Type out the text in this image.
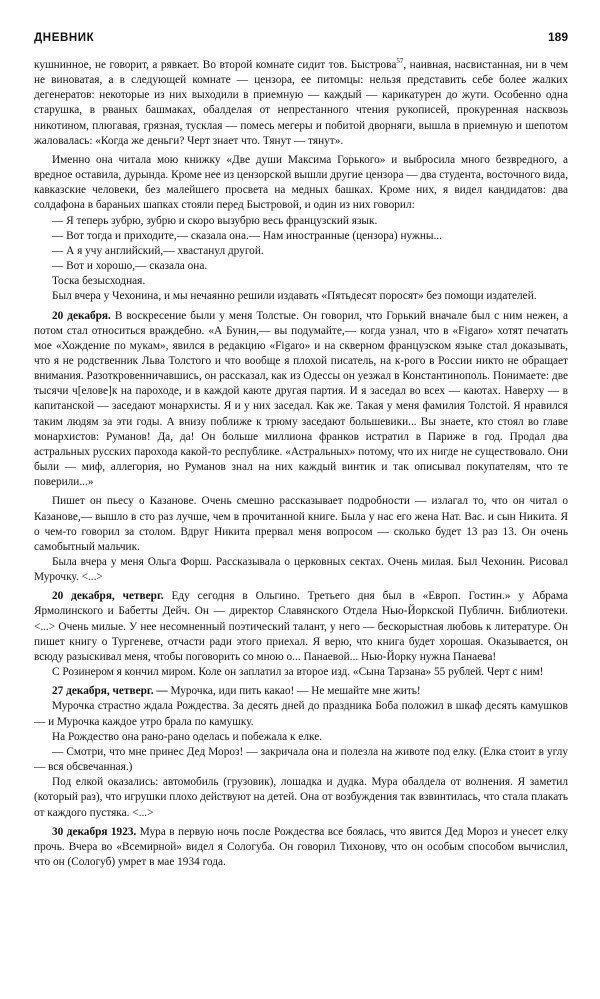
ДНЕВНИК	189

кушнинное, не говорит, а рявкает. Во второй комнате сидит тов. Быстрова$^{57}$, наивная, насвистанная, ни в чем не виноватая, а в следующей комнате — цензора, ее питомцы: нельзя представить себе более жалких дегенератов: некоторые из них выходили в приемную — каждый — карикатурен до жути. Особенно одна старушка, в рваных башмаках, обалделая от непрестанного чтения рукописей, прокуренная насквозь никотином, плюгавая, грязная, тусклая — помесь мегеры и побитой дворняги, вышла в приемную и шепотом жаловалась: «Когда же деньги? Черт знает что. Тянут — тянут».

Именно она читала мою книжку «Две души Максима Горького» и выбросила много безвредного, а вредное оставила, дурында. Кроме нее из цензорской вышли другие цензора — два студента, восточного вида, кавказские человеки, без малейшего просвета на медных башках. Кроме них, я видел кандидатов: два солдафона в бараньих шапках стояли перед Быстровой, и один из них говорил:

— Я теперь зубрю, зубрю и скоро вызубрю весь французский язык.

— Вот тогда и приходите,— сказала она.— Нам иностранные (цензора) нужны...

— А я учу английский,— хвастанул другой.

— Вот и хорошо,— сказала она.

Тоска безысходная.

Был вчера у Чехонина, и мы нечаянно решили издавать «Пятьдесят поросят» без помощи издателей.

20 декабря. В воскресение были у меня Толстые. Он говорил, что Горький вначале был с ним нежен, а потом стал относиться враждебно. «А Бунин,— вы подумайте,— когда узнал, что в «Figaro» хотят печатать мое «Хождение по мукам», явился в редакцию «Figaro» и на скверном французском языке стал доказывать, что я не родственник Льва Толстого и что вообще я плохой писатель, на к-рого в России никто не обращает внимания. Разоткровенничавшись, он рассказал, как из Одессы он уезжал в Константинополь. Понимаете: две тысячи ч[елове]к на пароходе, и в каждой каюте другая партия. И я заседал во всех — каютах. Наверху — в капитанской — заседают монархисты. Я и у них заседал. Как же. Такая у меня фамилия Толстой. Я нравился таким людям за эти годы. А внизу поближе к трюму заседают большевики... Вы знаете, кто стоял во главе монархистов: Руманов! Да, да! Он больше миллиона франков истратил в Париже в год. Продал два астральных русских парохода какой-то республике. «Астральных» потому, что их нигде не существовало. Они были — миф, аллегория, но Руманов знал на них каждый винтик и так описывал покупателям, что те поверили...»

Пишет он пьесу о Казанове. Очень смешно рассказывает подробности — излагал то, что он читал о Казанове,— вышло в сто раз лучше, чем в прочитанной книге. Была у нас его жена Нат. Вас. и сын Никита. Я о чем-то говорил за столом. Вдруг Никита прервал меня вопросом — сколько будет 13 раз 13. Он очень самобытный мальчик.

Была вчера у меня Ольга Форш. Рассказывала о церковных сектах. Очень милая. Был Чехонин. Рисовал Мурочку. <...>

20 декабря, четверг. Еду сегодня в Ольгино. Третьего дня был в «Европ. Гостин.» у Абрама Ярмолинского и Бабетты Дейч. Он — директор Славянского Отдела Нью-Йоркской Публичн. Библиотеки. <...> Очень милые. У нее несомненный поэтический талант, у него — бескорыстная любовь к литературе. Он пишет книгу о Тургеневе, отчасти ради этого приехал. Я верю, что книга будет хорошая. Оказывается, он всюду разыскивал меня, чтобы поговорить со мною о... Панаевой... Нью-Йорку нужна Панаева!

С Розинером я кончил миром. Коле он заплатил за второе изд. «Сына Тарзана» 55 рублей. Черт с ним!

27 декабря, четверг. — Мурочка, иди пить какао! — Не мешайте мне жить!

Мурочка страстно ждала Рождества. За десять дней до праздника Боба положил в шкаф десять камушков — и Мурочка каждое утро брала по камушку.

На Рождество она рано-рано оделась и побежала к елке.

— Смотри, что мне принес Дед Мороз! — закричала она и полезла на животе под елку. (Елка стоит в углу — вся обсвечанная.)

Под елкой оказались: автомобиль (грузовик), лошадка и дудка. Мура обалдела от волнения. Я заметил (который раз), что игрушки плохо действуют на детей. Она от возбуждения так взвинтилась, что стала плакать от каждого пустяка. <...>

30 декабря 1923. Мура в первую ночь после Рождества все боялась, что явится Дед Мороз и унесет елку прочь. Вчера во «Всемирной» видел я Сологуба. Он говорил Тихонову, что он особым способом вычислил, что он (Сологуб) умрет в мае 1934 года.
